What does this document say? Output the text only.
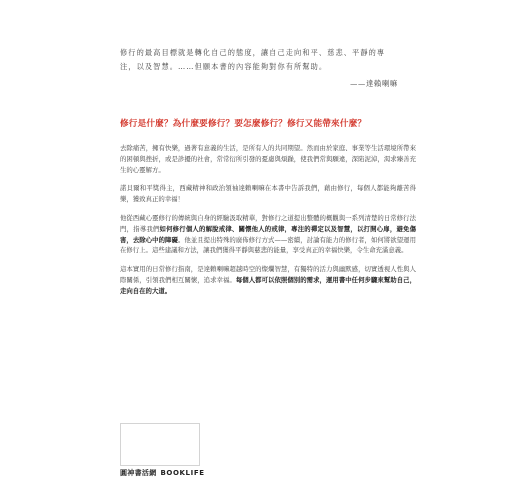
修行的最高目標就是轉化自己的態度，讓自己走向和平、慈悲、平靜的專注，以及智慧。……但願本書的內容能夠對你有所幫助。
——達賴喇嘛
修行是什麼？為什麼要修行？要怎麼修行？修行又能帶來什麼？

去除痛苦，擁有快樂，過著有意義的生活，是所有人的共同期望。然而由於家庭、事業等生活環境所帶來的困頓與挫折，或是診擾的社會，常常衍所引發的憂慮與煩躁，使我們常與願違，深陷泥淖，渴求臻善充生的心靈解方。

諾貝爾和平獎得主，西藏精神和政治領袖達賴喇嘛在本書中告訴我們，藉由修行，每個人都能夠離苦得樂，獲致真正的幸福！

他從西藏心靈修行的傳統與自身的經驗汲取精華，對修行之道提出整體的概觀與一系列清楚的日常修行法門，指導我們如何修行個人的解脫戒律、關懷他人的戒律，專注的禪定以及智慧，以打開心扉，避免傷害，去除心中的障礙。他並且提出特殊的廣佈修行方式——密續，討論有能力的修行者，如何將欲望運用在修行上。這些建議和方法，讓我們獲得平靜與慈悲的能量，享受真正的幸福快樂，令生命充滿意義。

這本實用的日常修行指南，是達賴喇嘛超越時空的燦爛智慧，有獨特的活力與幽默感，切實透視人性與人際關係，引領我們相互關懷，追求幸福。每個人都可以依照個別的需求，運用書中任何步驟來幫助自己，走向自在的大道。

圓神書活網 BOOKLIFE
